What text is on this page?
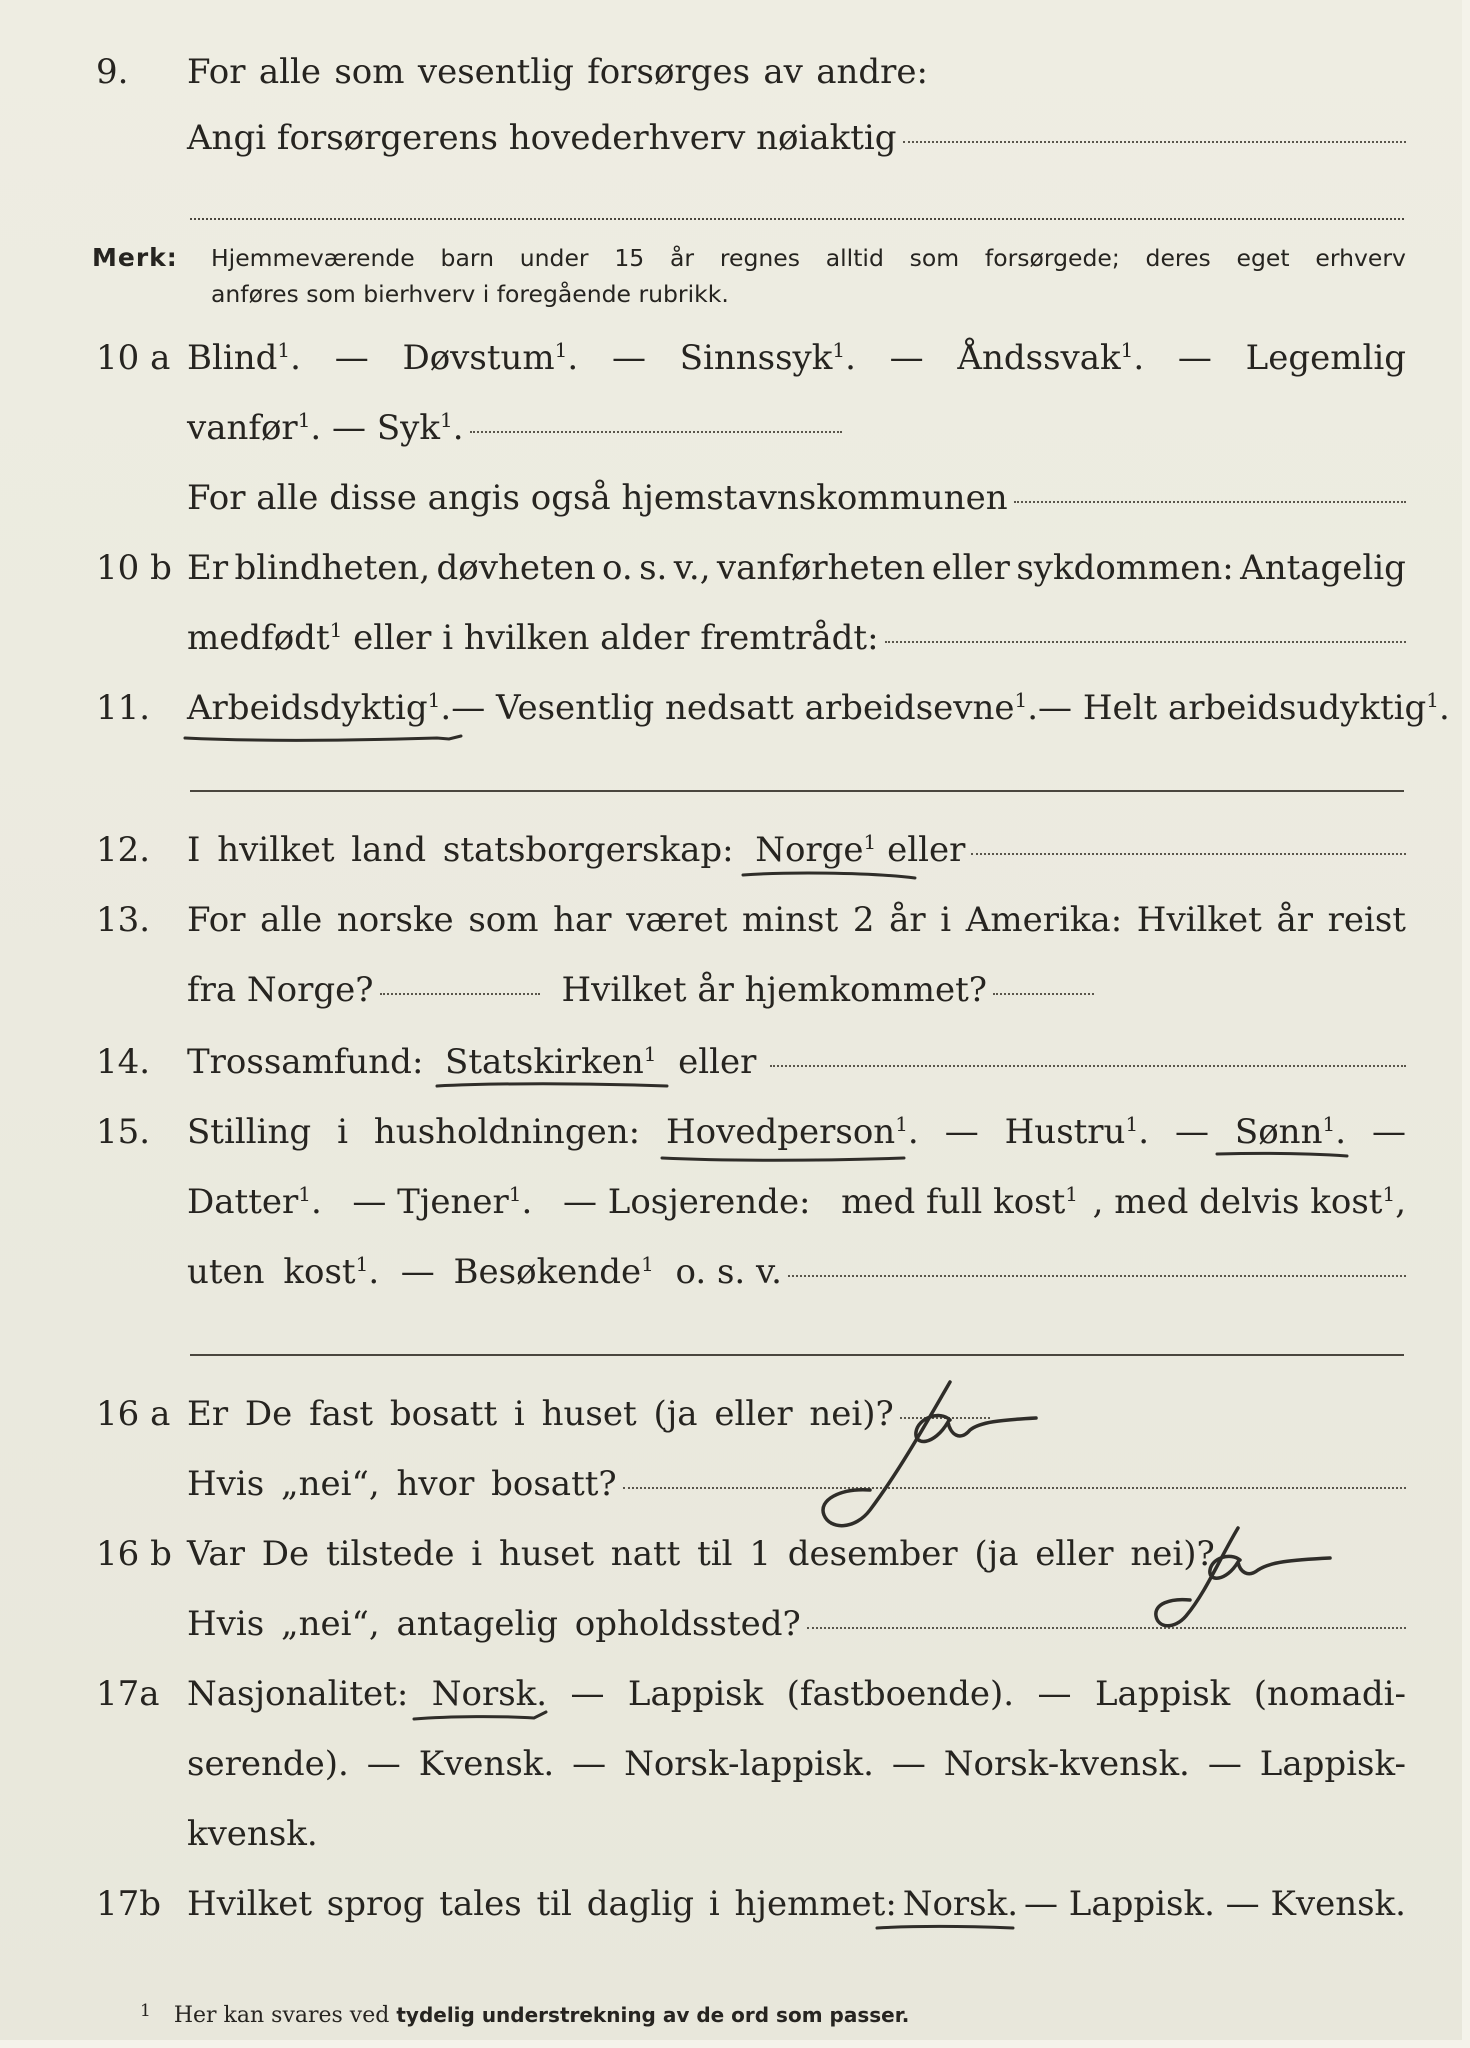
9.	For alle som vesentlig forsørges av andre:
Angi forsørgerens hovederhverv nøiaktig
Merk: Hjemmeværende barn under 15 år regnes alltid som forsørgede; deres eget erhverv
anføres som bierhverv i foregående rubrikk.
10 a Blind$^1$. — Døvstum$^1$. — Sinnssyk$^1$. — Åndssvak$^1$. — Legemlig
vanfør$^1$.
— Syk$^1$.
For alle disse angis også hjemstavnskommunen
10 b Er blindheten, døvheten o. s. v., vanførheten eller sykdommen: Antagelig
medfødt$^1$
eller i hvilken alder fremtrådt:
11.	Arbeidsdyktig$^1$. — Vesentlig nedsatt arbeidsevne$^1$. — Helt arbeidsudyktig$^1$.
12.	I hvilket land statsborgerskap:
Norge$^1$
eller
13.	For alle norske som har været minst 2 år i Amerika: Hvilket år reist
fra Norge?	Hvilket år hjemkommet?
14.	Trossamfund:
Statskirken$^1$
eller
15.	Stilling i husholdningen: Hovedperson$^1$. — Hustru$^1$. — Sønn$^1$. —
Datter$^1$. — Tjener$^1$. — Losjerende: med full kost$^1$ , med delvis kost$^1$,
uten kost$^1$.
— Besøkende$^1$
o. s. v.
16 a Er De fast bosatt i huset (ja eller nei)?
Hvis „nei“, hvor bosatt?
16 b Var De tilstede i huset natt til 1 desember (ja eller nei)?
Hvis „nei“, antagelig opholdssted?
17a Nasjonalitet: Norsk. — Lappisk (fastboende). — Lappisk (nomadi-
serende). — Kvensk. — Norsk-lappisk. — Norsk-kvensk. — Lappisk-
kvensk.
17b Hvilket sprog tales til daglig i hjemmet: Norsk. — Lappisk. — Kvensk.
$^1$ Her kan svares ved tydelig understrekning av de ord som passer.
